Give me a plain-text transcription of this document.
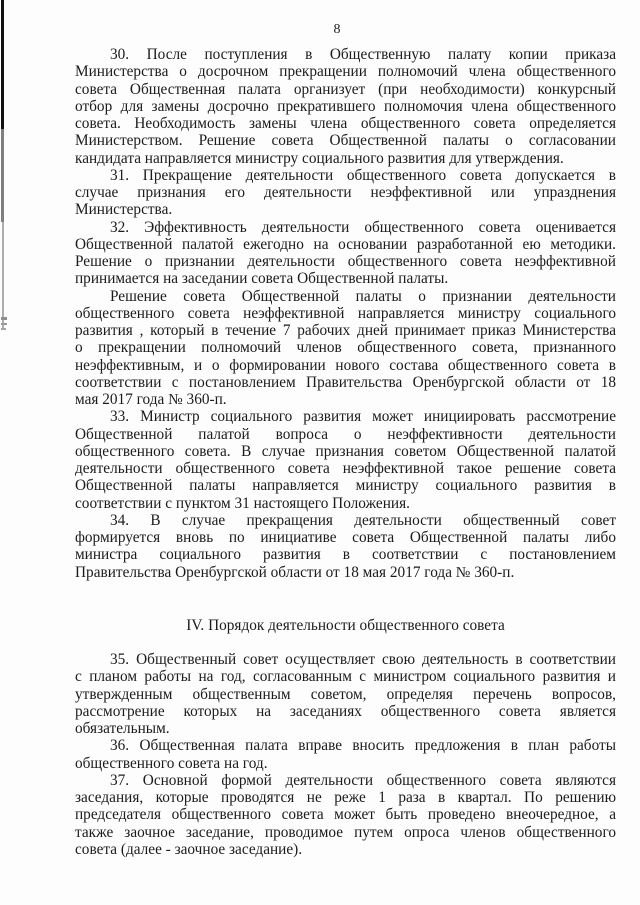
8
30. После поступления в Общественную палату копии приказа
Министерства о досрочном прекращении полномочий члена общественного
совета Общественная палата организует (при необходимости) конкурсный
отбор для замены досрочно прекратившего полномочия члена общественного
совета. Необходимость замены члена общественного совета определяется
Министерством. Решение совета Общественной палаты о согласовании
кандидата направляется министру социального развития для утверждения.
31. Прекращение деятельности общественного совета допускается в
случае признания его деятельности неэффективной или упразднения
Министерства.
32. Эффективность деятельности общественного совета оценивается
Общественной палатой ежегодно на основании разработанной ею методики.
Решение о признании деятельности общественного совета неэффективной
принимается на заседании совета Общественной палаты.
Решение совета Общественной палаты о признании деятельности
общественного совета неэффективной направляется министру социального
развития , который в течение 7 рабочих дней принимает приказ Министерства
о прекращении полномочий членов общественного совета, признанного
неэффективным, и о формировании нового состава общественного совета в
соответствии с постановлением Правительства Оренбургской области от 18
мая 2017 года № 360-п.
33. Министр социального развития может инициировать рассмотрение
Общественной палатой вопроса о неэффективности деятельности
общественного совета. В случае признания советом Общественной палатой
деятельности общественного совета неэффективной такое решение совета
Общественной палаты направляется министру социального развития в
соответствии с пунктом 31 настоящего Положения.
34. В случае прекращения деятельности общественный совет
формируется вновь по инициативе совета Общественной палаты либо
министра социального развития в соответствии с постановлением
Правительства Оренбургской области от 18 мая 2017 года № 360-п.
IV. Порядок деятельности общественного совета
35. Общественный совет осуществляет свою деятельность в соответствии
с планом работы на год, согласованным с министром социального развития и
утвержденным общественным советом, определяя перечень вопросов,
рассмотрение которых на заседаниях общественного совета является
обязательным.
36. Общественная палата вправе вносить предложения в план работы
общественного совета на год.
37. Основной формой деятельности общественного совета являются
заседания, которые проводятся не реже 1 раза в квартал. По решению
председателя общественного совета может быть проведено внеочередное, а
также заочное заседание, проводимое путем опроса членов общественного
совета (далее - заочное заседание).
